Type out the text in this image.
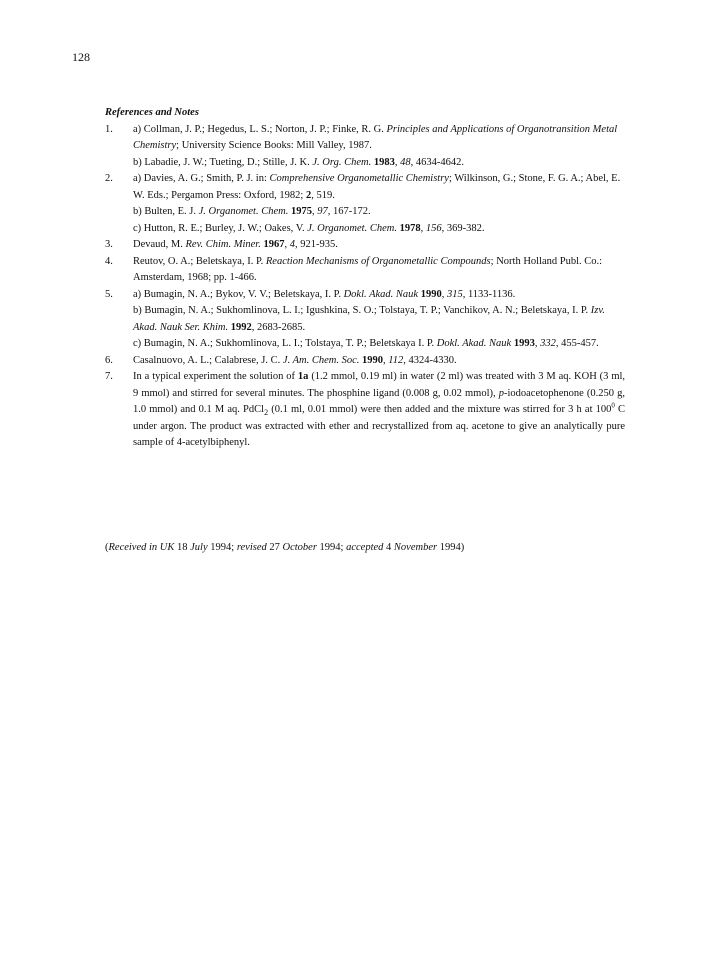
128
References and Notes
1. a) Collman, J. P.; Hegedus, L. S.; Norton, J. P.; Finke, R. G. Principles and Applications of Organotransition Metal Chemistry; University Science Books: Mill Valley, 1987.
b) Labadie, J. W.; Tueting, D.; Stille, J. K. J. Org. Chem. 1983, 48, 4634-4642.
2. a) Davies, A. G.; Smith, P. J. in: Comprehensive Organometallic Chemistry; Wilkinson, G.; Stone, F. G. A.; Abel, E. W. Eds.; Pergamon Press: Oxford, 1982; 2, 519.
b) Bulten, E. J. J. Organomet. Chem. 1975, 97, 167-172.
c) Hutton, R. E.; Burley, J. W.; Oakes, V. J. Organomet. Chem. 1978, 156, 369-382.
3. Devaud, M. Rev. Chim. Miner. 1967, 4, 921-935.
4. Reutov, O. A.; Beletskaya, I. P. Reaction Mechanisms of Organometallic Compounds; North Holland Publ. Co.: Amsterdam, 1968; pp. 1-466.
5. a) Bumagin, N. A.; Bykov, V. V.; Beletskaya, I. P. Dokl. Akad. Nauk 1990, 315, 1133-1136.
b) Bumagin, N. A.; Sukhomlinova, L. I.; Igushkina, S. O.; Tolstaya, T. P.; Vanchikov, A. N.; Beletskaya, I. P. Izv. Akad. Nauk Ser. Khim. 1992, 2683-2685.
c) Bumagin, N. A.; Sukhomlinova, L. I.; Tolstaya, T. P.; Beletskaya I. P. Dokl. Akad. Nauk 1993, 332, 455-457.
6. Casalnuovo, A. L.; Calabrese, J. C. J. Am. Chem. Soc. 1990, 112, 4324-4330.
7. In a typical experiment the solution of 1a (1.2 mmol, 0.19 ml) in water (2 ml) was treated with 3 M aq. KOH (3 ml, 9 mmol) and stirred for several minutes. The phosphine ligand (0.008 g, 0.02 mmol), p-iodoacetophenone (0.250 g, 1.0 mmol) and 0.1 M aq. PdCl$_2$ (0.1 ml, 0.01 mmol) were then added and the mixture was stirred for 3 h at $100^0$ C under argon. The product was extracted with ether and recrystallized from aq. acetone to give an analytically pure sample of 4-acetylbiphenyl.
(Received in UK 18 July 1994; revised 27 October 1994; accepted 4 November 1994)
